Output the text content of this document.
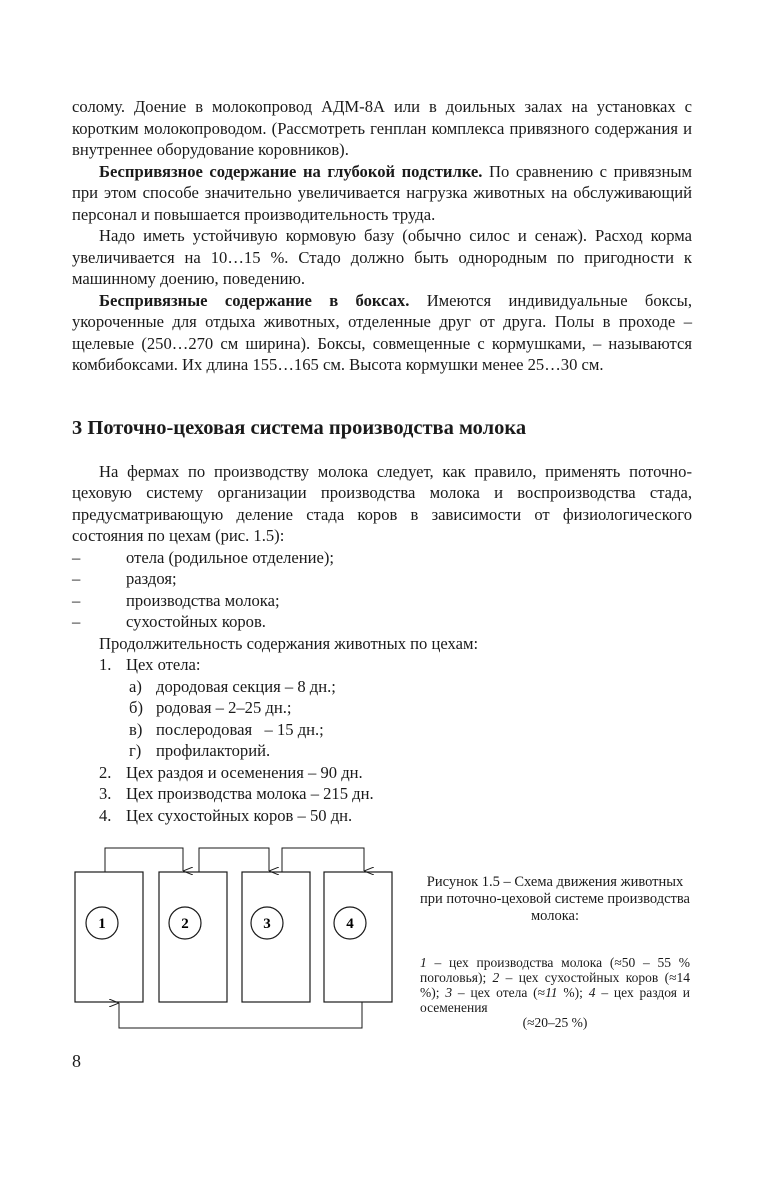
солому. Доение в молокопровод АДМ-8А или в доильных залах на установках с коротким молокопроводом. (Рассмотреть генплан комплекса привязного содержания и внутреннее оборудование коровников).

Беспривязное содержание на глубокой подстилке. По сравнению с привязным при этом способе значительно увеличивается нагрузка животных на обслуживающий персонал и повышается производительность труда.

Надо иметь устойчивую кормовую базу (обычно силос и сенаж). Расход корма увеличивается на 10…15 %. Стадо должно быть однородным по пригодности к машинному доению, поведению.

Беспривязные содержание в боксах. Имеются индивидуальные боксы, укороченные для отдыха животных, отделенные друг от друга. Полы в проходе – щелевые (250…270 см ширина). Боксы, совмещенные с кормушками, – называются комбибоксами. Их длина 155…165 см. Высота кормушки менее 25…30 см.

3 Поточно-цеховая система производства молока

На фермах по производству молока следует, как правило, применять поточно-цеховую систему организации производства молока и воспроизводства стада, предусматривающую деление стада коров в зависимости от физиологического состояния по цехам (рис. 1.5):

–	отела (родильное отделение);
–	раздоя;
–	производства молока;
–	сухостойных коров.

Продолжительность содержания животных по цехам:

1. Цех отела:
а) дородовая секция – 8 дн.;
б) родовая – 2–25 дн.;
в) послеродовая   – 15 дн.;
г) профилакторий.
2. Цех раздоя и осеменения – 90 дн.
3. Цех производства молока – 215 дн.
4. Цех сухостойных коров – 50 дн.
1	2	3	4
Рисунок 1.5 – Схема движения животных
при поточно-цеховой системе производства молока:
1 – цех производства молока (≈50 – 55 % поголовья); 2 – цех сухостойных коров (≈14 %); 3 – цех отела (≈11 %); 4 – цех раздоя и осеменения
(≈20–25 %)
8
